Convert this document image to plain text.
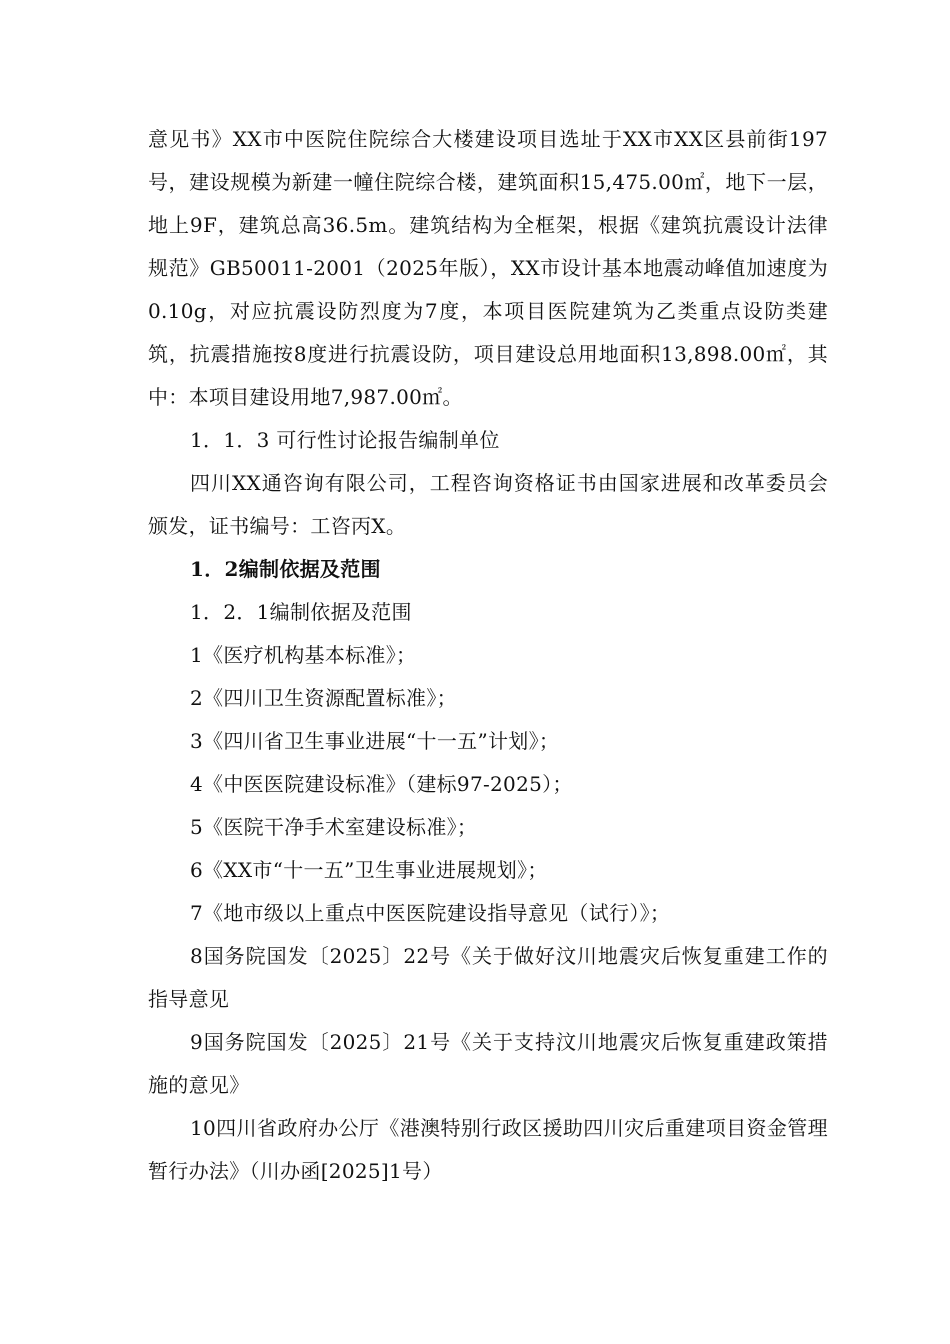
意见书》XX市中医院住院综合大楼建设项目选址于XX市XX区县前街197号，建设规模为新建一幢住院综合楼，建筑面积15,475.00㎡，地下一层，地上9F，建筑总高36.5m。建筑结构为全框架，根据《建筑抗震设计法律规范》GB50011-2001（2025年版），XX市设计基本地震动峰值加速度为0.10g，对应抗震设防烈度为7度，本项目医院建筑为乙类重点设防类建筑，抗震措施按8度进行抗震设防，项目建设总用地面积13,898.00㎡，其中：本项目建设用地7,987.00㎡。

1．1．3 可行性讨论报告编制单位

四川XX通咨询有限公司，工程咨询资格证书由国家进展和改革委员会颁发，证书编号：工咨丙X。

1．2编制依据及范围

1．2．1编制依据及范围

1《医疗机构基本标准》；

2《四川卫生资源配置标准》；

3《四川省卫生事业进展“十一五”计划》；

4《中医医院建设标准》（建标97-2025）；

5《医院干净手术室建设标准》；

6《XX市“十一五”卫生事业进展规划》；

7《地市级以上重点中医医院建设指导意见（试行）》；

8国务院国发〔2025〕22号《关于做好汶川地震灾后恢复重建工作的指导意见

9国务院国发〔2025〕21号《关于支持汶川地震灾后恢复重建政策措施的意见》

10四川省政府办公厅《港澳特别行政区援助四川灾后重建项目资金管理暂行办法》（川办函[2025]1号）
